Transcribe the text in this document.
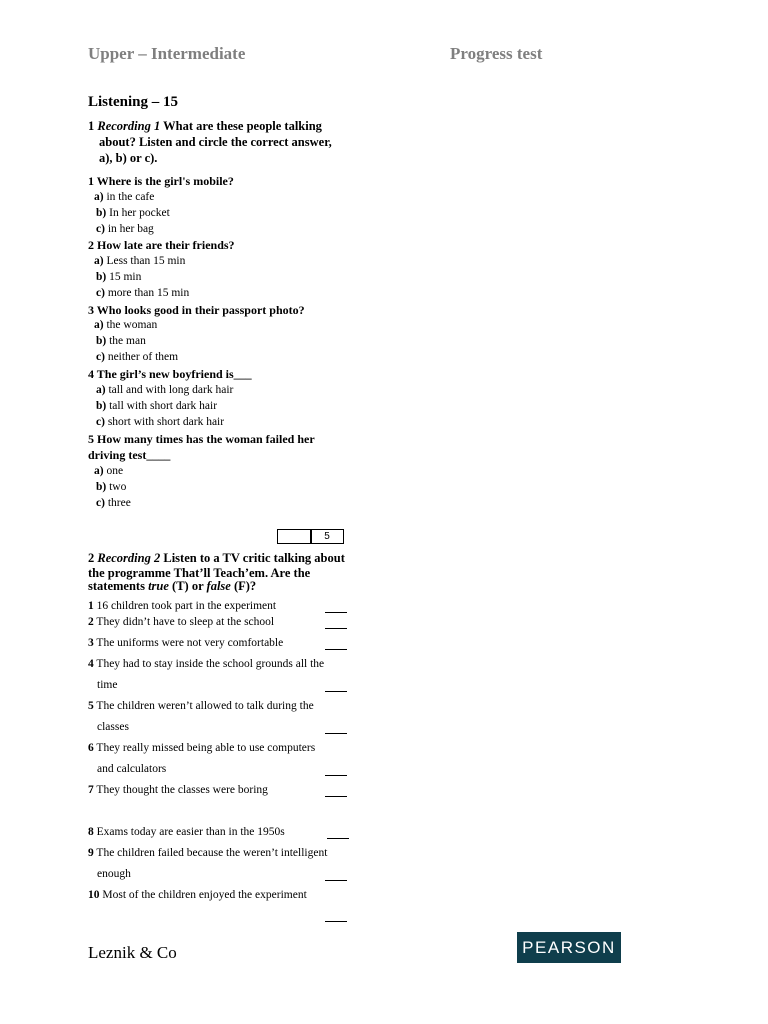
Upper – Intermediate	Progress test
Listening – 15
1 Recording 1 What are these people talking
about? Listen and circle the correct answer,
a), b) or c).
1 Where is the girl's mobile?
a) in the cafe
b) In her pocket
c) in her bag
2 How late are their friends?
a) Less than 15 min
b) 15 min
c) more than 15 min
3 Who looks good in their passport photo?
a) the woman
b) the man
c) neither of them
4 The girl’s new boyfriend is___
a) tall and with long dark hair
b) tall with short dark hair
c) short with short dark hair
5 How many times has the woman failed her
driving test____
a) one
b) two
c) three
5
2 Recording 2 Listen to a TV critic talking about
the programme That’ll Teach’em. Are the
statements true (T) or false (F)?
1 16 children took part in the experiment
2 They didn’t have to sleep at the school
3 The uniforms were not very comfortable
4 They had to stay inside the school grounds all the
time
5 The children weren’t allowed to talk during the
classes
6 They really missed being able to use computers
and calculators
7 They thought the classes were boring
8 Exams today are easier than in the 1950s
9 The children failed because the weren’t intelligent
enough
10 Most of the children enjoyed the experiment
Leznik & Co	PEARSON
